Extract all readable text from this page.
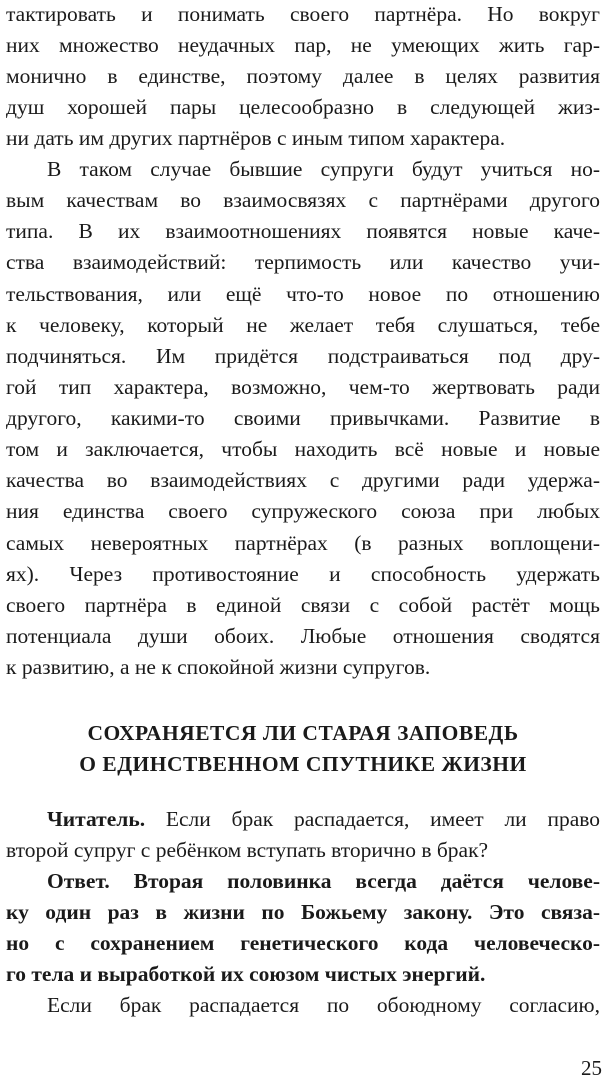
тактировать и понимать своего партнёра. Но вокруг
них множество неудачных пар, не умеющих жить гар-
монично в единстве, поэтому далее в целях развития
душ хорошей пары целесообразно в следующей жиз-
ни дать им других партнёров с иным типом характера.
В таком случае бывшие супруги будут учиться но-
вым качествам во взаимосвязях с партнёрами другого
типа. В их взаимоотношениях появятся новые каче-
ства взаимодействий: терпимость или качество учи-
тельствования, или ещё что-то новое по отношению
к человеку, который не желает тебя слушаться, тебе
подчиняться. Им придётся подстраиваться под дру-
гой тип характера, возможно, чем-то жертвовать ради
другого, какими-то своими привычками. Развитие в
том и заключается, чтобы находить всё новые и новые
качества во взаимодействиях с другими ради удержа-
ния единства своего супружеского союза при любых
самых невероятных партнёрах (в разных воплощени-
ях). Через противостояние и способность удержать
своего партнёра в единой связи с собой растёт мощь
потенциала души обоих. Любые отношения сводятся
к развитию, а не к спокойной жизни супругов.
СОХРАНЯЕТСЯ ЛИ СТАРАЯ ЗАПОВЕДЬ
О ЕДИНСТВЕННОМ СПУТНИКЕ ЖИЗНИ
Читатель. Если брак распадается, имеет ли право
второй супруг с ребёнком вступать вторично в брак?
Ответ. Вторая половинка всегда даётся челове-
ку один раз в жизни по Божьему закону. Это связа-
но с сохранением генетического кода человеческо-
го тела и выработкой их союзом чистых энергий.
Если брак распадается по обоюдному согласию,
25
